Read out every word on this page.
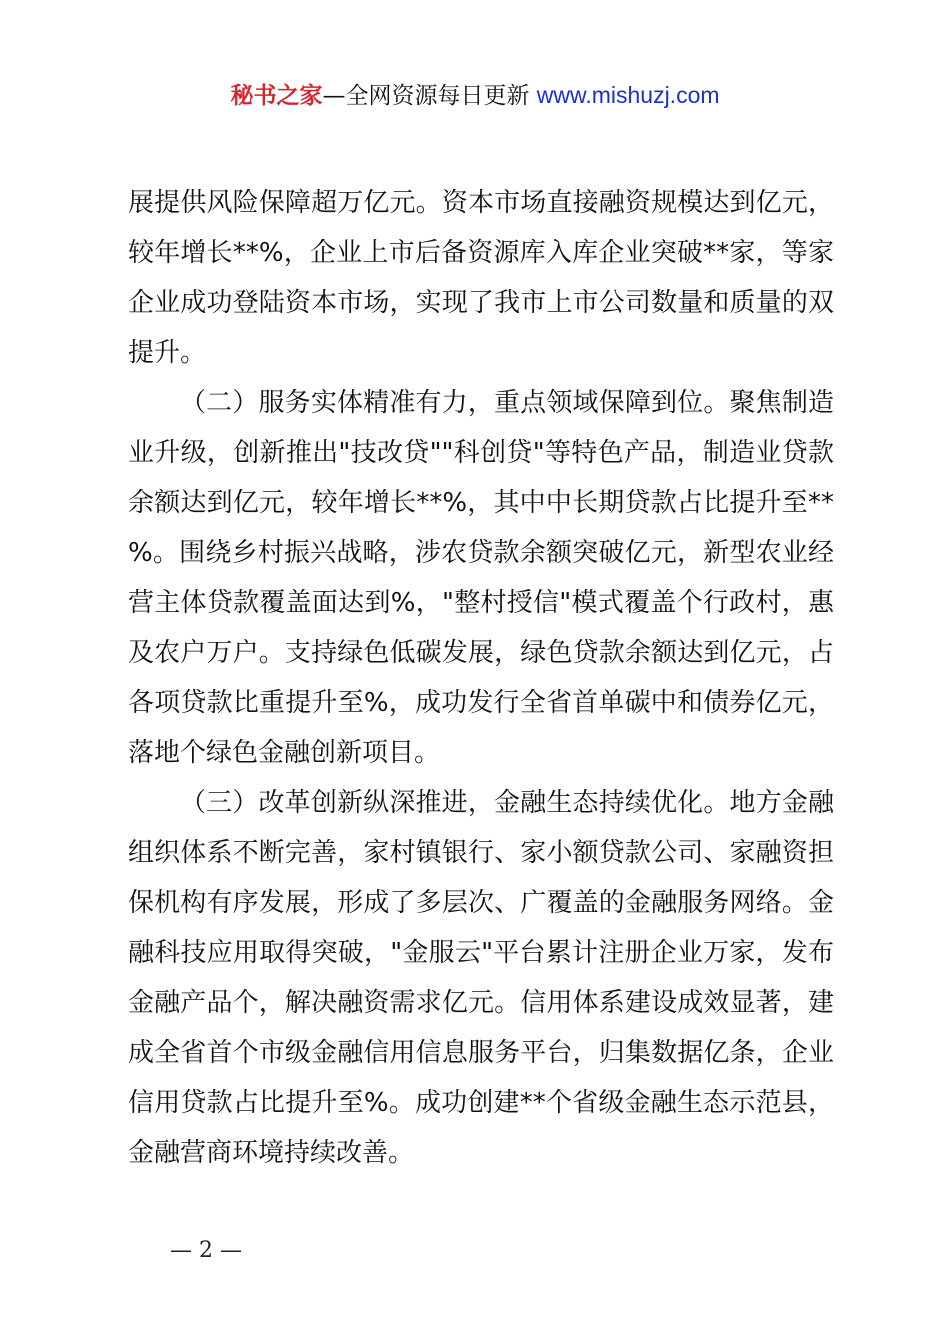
秘书之家—全网资源每日更新 www.mishuzj.com
展提供风险保障超万亿元。资本市场直接融资规模达到亿元，
较年增长**%，企业上市后备资源库入库企业突破**家，等家
企业成功登陆资本市场，实现了我市上市公司数量和质量的双
提升。
（二）服务实体精准有力，重点领域保障到位。聚焦制造
业升级，创新推出"技改贷""科创贷"等特色产品，制造业贷款
余额达到亿元，较年增长**%，其中中长期贷款占比提升至**
%。围绕乡村振兴战略，涉农贷款余额突破亿元，新型农业经
营主体贷款覆盖面达到%，"整村授信"模式覆盖个行政村，惠
及农户万户。支持绿色低碳发展，绿色贷款余额达到亿元，占
各项贷款比重提升至%，成功发行全省首单碳中和债券亿元，
落地个绿色金融创新项目。
（三）改革创新纵深推进，金融生态持续优化。地方金融
组织体系不断完善，家村镇银行、家小额贷款公司、家融资担
保机构有序发展，形成了多层次、广覆盖的金融服务网络。金
融科技应用取得突破，"金服云"平台累计注册企业万家，发布
金融产品个，解决融资需求亿元。信用体系建设成效显著，建
成全省首个市级金融信用信息服务平台，归集数据亿条，企业
信用贷款占比提升至%。成功创建**个省级金融生态示范县，
金融营商环境持续改善。
— 2 —
